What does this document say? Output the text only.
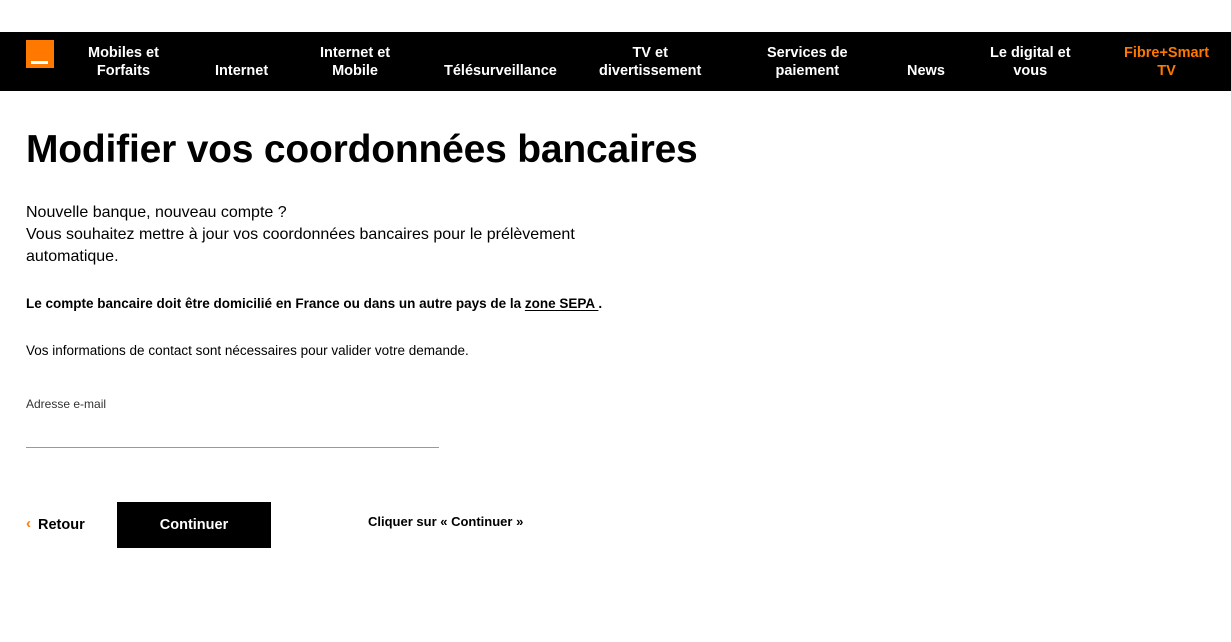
Mobiles et
Forfaits	Internet
Internet et
Mobile	Télésurveillance
TV et
divertissement
Services de
paiement	News
Le digital et
vous
Fibre+Smart
TV
Modifier vos coordonnées bancaires

Nouvelle banque, nouveau compte ?

Vous souhaitez mettre à jour vos coordonnées bancaires pour le prélèvement automatique.

Le compte bancaire doit être domicilié en France ou dans un autre pays de la zone SEPA .
Vos informations de contact sont nécessaires pour valider votre demande.
Adresse e-mail
‹ Retour	Continuer	Cliquer sur « Continuer »
